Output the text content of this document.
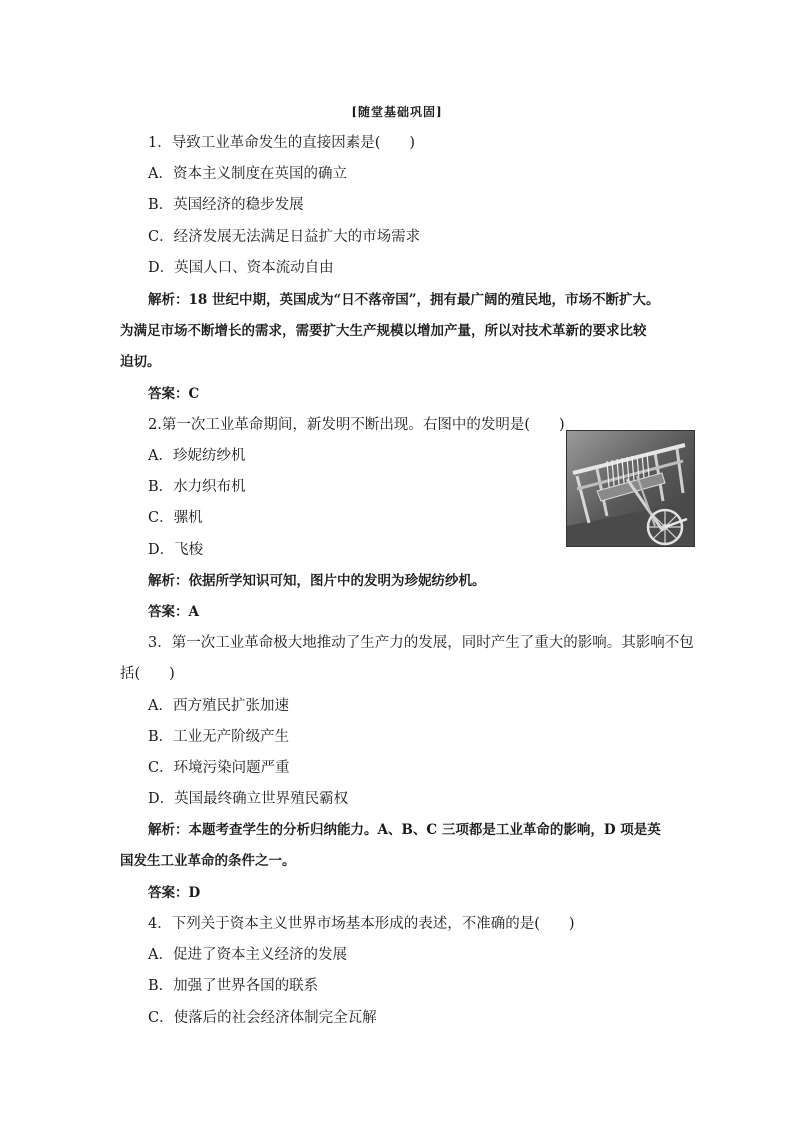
[随堂基础巩固]
1．导致工业革命发生的直接因素是(　　)
A．资本主义制度在英国的确立
B．英国经济的稳步发展
C．经济发展无法满足日益扩大的市场需求
D．英国人口、资本流动自由
解析：18 世纪中期，英国成为“日不落帝国”，拥有最广阔的殖民地，市场不断扩大。
为满足市场不断增长的需求，需要扩大生产规模以增加产量，所以对技术革新的要求比较
迫切。
答案：C
2.第一次工业革命期间，新发明不断出现。右图中的发明是(　　)
A．珍妮纺纱机
B．水力织布机
C．骡机
D．飞梭
解析：依据所学知识可知，图片中的发明为珍妮纺纱机。
答案：A
3．第一次工业革命极大地推动了生产力的发展，同时产生了重大的影响。其影响不包
括(　　)
A．西方殖民扩张加速
B．工业无产阶级产生
C．环境污染问题严重
D．英国最终确立世界殖民霸权
解析：本题考查学生的分析归纳能力。A、B、C 三项都是工业革命的影响，D 项是英
国发生工业革命的条件之一。
答案：D
4．下列关于资本主义世界市场基本形成的表述，不准确的是(　　)
A．促进了资本主义经济的发展
B．加强了世界各国的联系
C．使落后的社会经济体制完全瓦解
